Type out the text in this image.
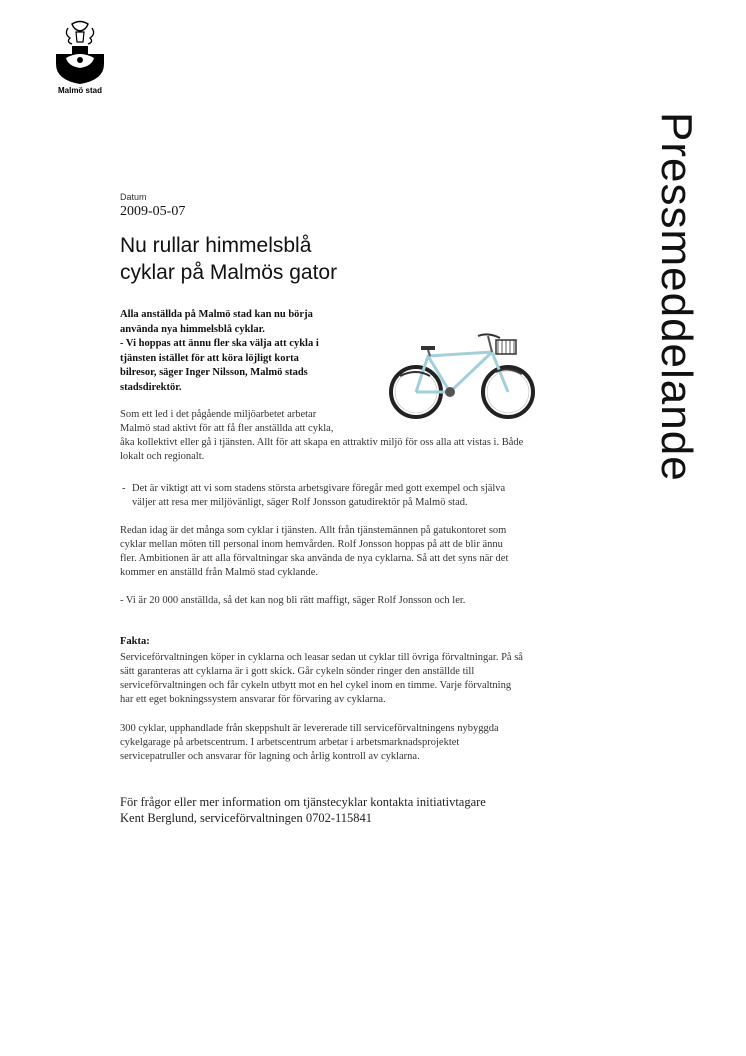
Malmö stad
Pressmeddelande
Datum
2009-05-07
Nu rullar himmelsblå
cyklar på Malmös gator
Alla anställda på Malmö stad kan nu börja
använda nya himmelsblå cyklar.
- Vi hoppas att ännu fler ska välja att cykla i
tjänsten istället för att köra löjligt korta
bilresor, säger Inger Nilsson, Malmö stads
stadsdirektör.
Som ett led i det pågående miljöarbetet arbetar
Malmö stad aktivt för att få fler anställda att cykla,
åka kollektivt eller gå i tjänsten. Allt för att skapa en attraktiv miljö för oss alla att vistas i. Både
lokalt och regionalt.
- Det är viktigt att vi som stadens största arbetsgivare föregår med gott exempel och själva
väljer att resa mer miljövänligt, säger Rolf Jonsson gatudirektör på Malmö stad.
Redan idag är det många som cyklar i tjänsten. Allt från tjänstemännen på gatukontoret som
cyklar mellan möten till personal inom hemvården. Rolf Jonsson hoppas på att de blir ännu
fler. Ambitionen är att alla förvaltningar ska använda de nya cyklarna. Så att det syns när det
kommer en anställd från Malmö stad cyklande.
- Vi är 20 000 anställda, så det kan nog bli rätt maffigt, säger Rolf Jonsson och ler.
Fakta:
Serviceförvaltningen köper in cyklarna och leasar sedan ut cyklar till övriga förvaltningar. På så
sätt garanteras att cyklarna är i gott skick. Går cykeln sönder ringer den anställde till
serviceförvaltningen och får cykeln utbytt mot en hel cykel inom en timme. Varje förvaltning
har ett eget bokningssystem ansvarar för förvaring av cyklarna.
300 cyklar, upphandlade från skeppshult är levererade till serviceförvaltningens nybyggda
cykelgarage på arbetscentrum. I arbetscentrum arbetar i arbetsmarknadsprojektet
servicepatruller och ansvarar för lagning och årlig kontroll av cyklarna.
För frågor eller mer information om tjänstecyklar kontakta initiativtagare
Kent Berglund, serviceförvaltningen 0702-115841
